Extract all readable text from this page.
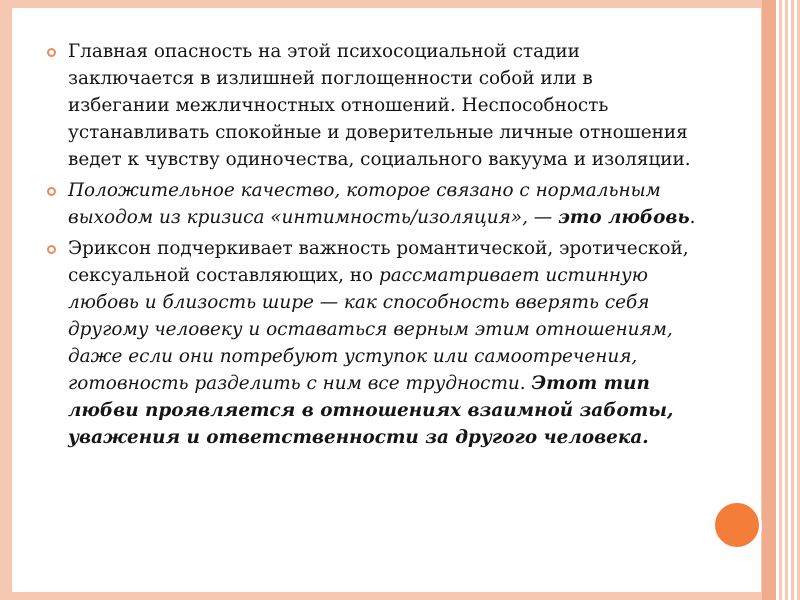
Главная опасность на этой психосоциальной стадии заключается в излишней поглощенности собой или в избегании межличностных отношений. Неспособность устанавливать спокойные и доверительные личные отношения ведет к чувству одиночества, социального вакуума и изоляции.
Положительное качество, которое связано с нормальным выходом из кризиса «интимность/изоляция», — это любовь.
Эриксон подчеркивает важность романтической, эротической, сексуальной составляющих, но рассматривает истинную любовь и близость шире — как способность вверять себя другому человеку и оставаться верным этим отношениям, даже если они потребуют уступок или самоотречения, готовность разделить с ним все трудности. Этот тип любви проявляется в отношениях взаимной заботы, уважения и ответственности за другого человека.
